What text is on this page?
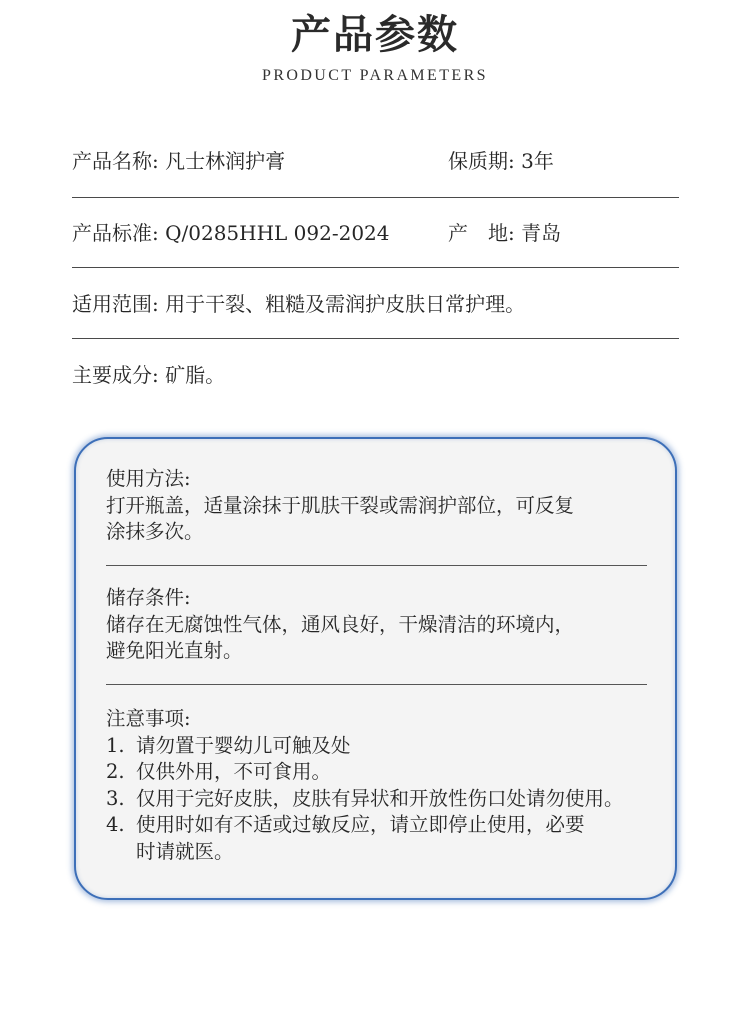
产品参数
PRODUCT PARAMETERS
产品名称: 凡士林润护膏	保质期: 3年
产品标准: Q/0285HHL 092-2024	产　地: 青岛
适用范围: 用于干裂、粗糙及需润护皮肤日常护理。
主要成分: 矿脂。
使用方法:
打开瓶盖，适量涂抹于肌肤干裂或需润护部位，可反复
涂抹多次。
储存条件:
储存在无腐蚀性气体，通风良好，干燥清洁的环境内，
避免阳光直射。
注意事项:
1. 请勿置于婴幼儿可触及处
2. 仅供外用，不可食用。
3. 仅用于完好皮肤，皮肤有异状和开放性伤口处请勿使用。
4. 使用时如有不适或过敏反应，请立即停止使用，必要
时请就医。
